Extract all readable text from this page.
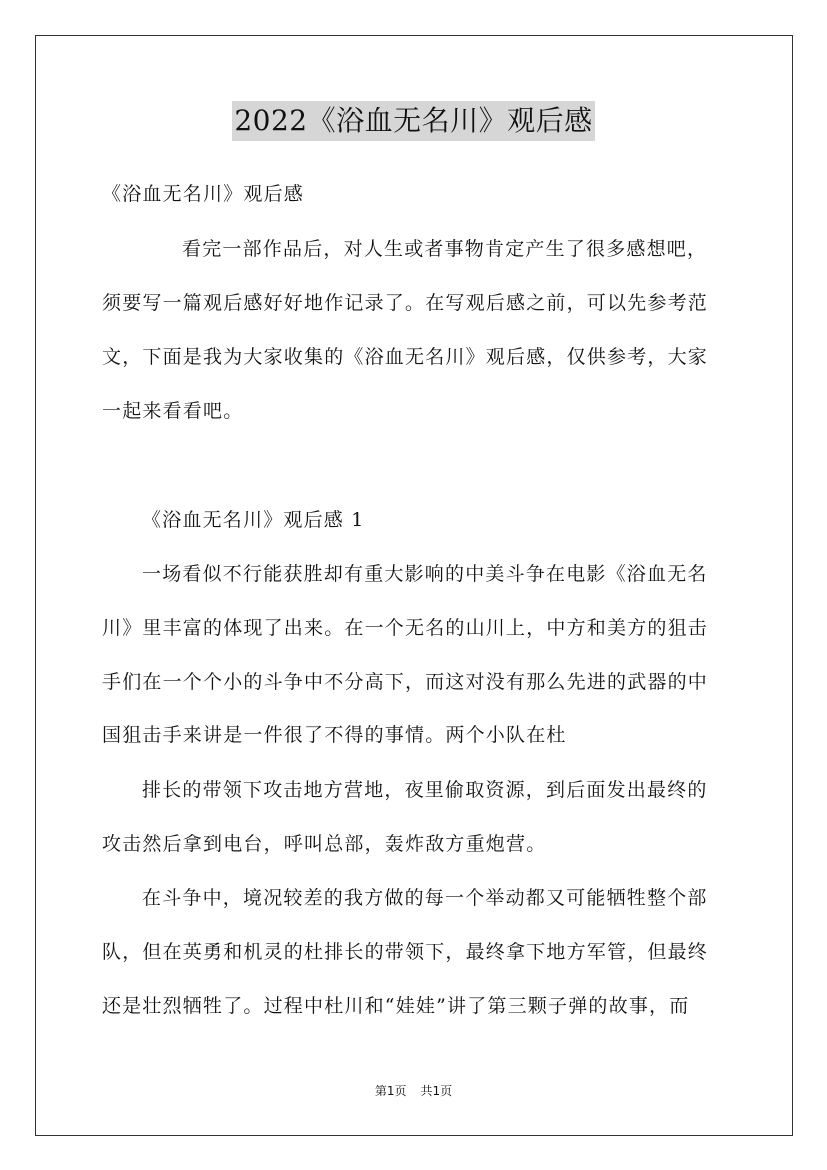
2022《浴血无名川》观后感
《浴血无名川》观后感
看完一部作品后，对人生或者事物肯定产生了很多感想吧，
须要写一篇观后感好好地作记录了。在写观后感之前，可以先参考范
文，下面是我为大家收集的《浴血无名川》观后感，仅供参考，大家
一起来看看吧。
《浴血无名川》观后感 1
一场看似不行能获胜却有重大影响的中美斗争在电影《浴血无名
川》里丰富的体现了出来。在一个无名的山川上，中方和美方的狙击
手们在一个个小的斗争中不分高下，而这对没有那么先进的武器的中
国狙击手来讲是一件很了不得的事情。两个小队在杜
排长的带领下攻击地方营地，夜里偷取资源，到后面发出最终的
攻击然后拿到电台，呼叫总部，轰炸敌方重炮营。
在斗争中，境况较差的我方做的每一个举动都又可能牺牲整个部
队，但在英勇和机灵的杜排长的带领下，最终拿下地方军管，但最终
还是壮烈牺牲了。过程中杜川和“娃娃”讲了第三颗子弹的故事，而
第1页 共1页
